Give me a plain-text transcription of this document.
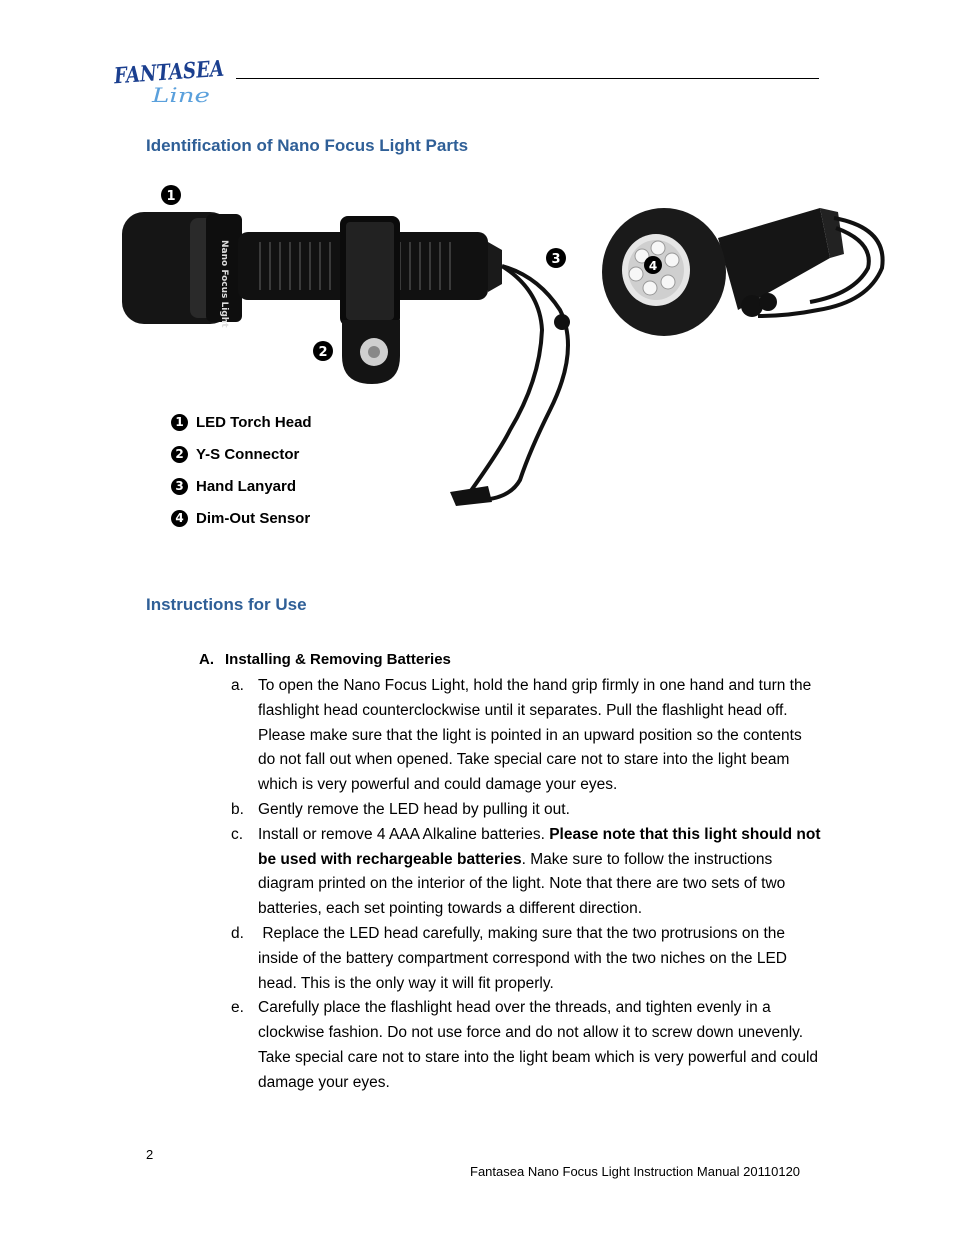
FANTASEA
Line
Identification of Nano Focus Light Parts
1
Nano Focus Light
2
3	4
1 LED Torch Head
2 Y-S Connector
3 Hand Lanyard
4 Dim-Out Sensor
Instructions for Use
A. Installing & Removing Batteries
a. To open the Nano Focus Light, hold the hand grip firmly in one hand and turn the flashlight head counterclockwise until it separates. Pull the flashlight head off. Please make sure that the light is pointed in an upward position so the contents do not fall out when opened. Take special care not to stare into the light beam which is very powerful and could damage your eyes.
b. Gently remove the LED head by pulling it out.
c. Install or remove 4 AAA Alkaline batteries. Please note that this light should not be used with rechargeable batteries. Make sure to follow the instructions diagram printed on the interior of the light. Note that there are two sets of two batteries, each set pointing towards a different direction.
d. Replace the LED head carefully, making sure that the two protrusions on the inside of the battery compartment correspond with the two niches on the LED head. This is the only way it will fit properly.
e. Carefully place the flashlight head over the threads, and tighten evenly in a clockwise fashion. Do not use force and do not allow it to screw down unevenly. Take special care not to stare into the light beam which is very powerful and could damage your eyes.
2
Fantasea Nano Focus Light Instruction Manual 20110120
